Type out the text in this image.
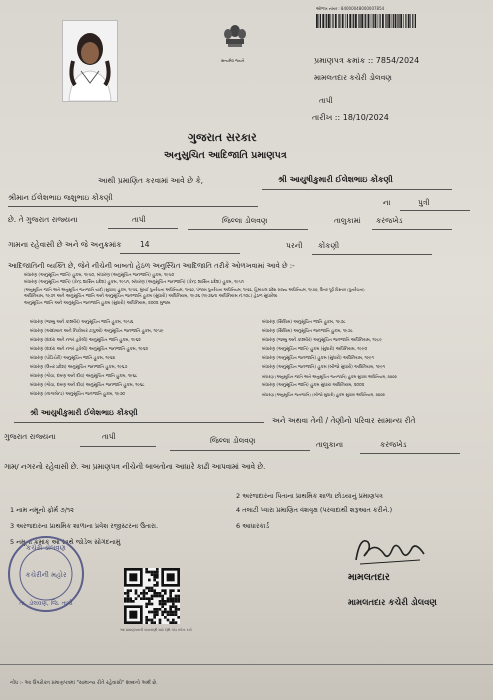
સત્યમેવ જયતે
ઓળખ નંબર : 84000048000007854
પ્રમાણપત્ર ક્રમાંક :: 7854/2024
મામલતદાર કચેરી ડોલવણ
તાપી
તારીખ :: 18/10/2024
ગુજરાત સરકાર
અનુસુચિત આદિજાતિ પ્રમાણપત્ર
આથી પ્રમાણિત કરવામાં આવે છે કે,	શ્રી આયુષીકુમારી ઈલેશભાઇ કોંકણી
શ્રીમાન ઈલેશભાઇ જશુભાઇ કોંકણી
ના	પુત્રી
છે. તે ગુજરાત રાજ્યના	તાપી	જિલ્લા ડોલવણ	તાલુકામાં કરંજખેડ
ગામના રહેવાસી છે અને જે અનુક્રમાંક 14	પરની કોંકણી
આદિજાતિની વ્યક્તિ છે, જેને નીચેની બાબતો હેઠળ અનુસ્ચિત આદિજાતિ તરીકે ઓળખવામાં આવે છે :-
બંધારણ (અનુસૂચિત જાતિ) હુકમ, ૧૯૫૦, બંધારણ (અનુસૂચિત જનજાતિ) હુકમ, ૧૯૫૦
બંધારણ (અનુસૂચિત જાતિ) (કેન્દ્ર શાસિત પ્રદેશ) હુકમ, ૧૯૫૧, બંધારણ (અનુસૂચિત જનજાતિ) (કેન્દ્ર શાસિત પ્રદેશ) હુકમ, ૧૯૫૧
(અનુસૂચિત જાતિ અને અનુસૂચિત જનજાતિ યાદી (સુધારા) હુકમ, ૧૯૫૬, મુંબઈ પુનર્રચના અધિનિયમ, ૧૯૬૦, પંજાબ પુનર્રચના અધિનિયમ, ૧૯૬૬, હિમાચલ પ્રદેશ રાજ્ય અધિનિયમ, ૧૯૭૦, ઉત્તર પૂર્વ વિસ્તાર (પુનર્રચના)
અધિનિયમ, ૧૯૭૧ અને અનુસૂચિત જાતિ અને અનુસૂચિત જનજાતિ હુકમ (સુધારો) અધિનિયમ, ૧૯૭૬ (૧૯૭૬ના અધિનિયમ નં.૧૦૮) હેઠળ સુધારેલા
અનુસૂચિત જાતિ અને અનુસૂચિત જનજાતિ હુકમ (સુધારો) અધિનિયમ, ૨૦૦૨ મુજબ
બંધારણ (જમ્મુ અને કાશ્મીર) અનુસૂચિત જાતિ હુકમ, ૧૯૫૬
બંધારણ (આંદામાન અને નિકોબાર ટાપુઓ) અનુસૂચિત જનજાતિ હુકમ, ૧૯૫૯
બંધારણ (દાદરા અને નગર હવેલી) અનુસૂચિત જાતિ હુકમ, ૧૯૬૨
બંધારણ (દાદરા અને નગર હવેલી) અનુસૂચિત જનજાતિ હુકમ, ૧૯૬૨
બંધારણ (પોંડિચેરી) અનુસૂચિત જાતિ હુકમ, ૧૯૬૪
બંધારણ (ઉત્તર પ્રદેશ) અનુસૂચિત જનજાતિ હુકમ, ૧૯૬૭
બંધારણ (ગોવા, દમણ અને દીવ) અનુસૂચિત જાતિ હુકમ, ૧૯૬૮
બંધારણ (ગોવા, દમણ અને દીવ) અનુસૂચિત જનજાતિ હુકમ, ૧૯૬૮
બંધારણ (નાગાલેન્ડ) અનુસૂચિત જનજાતિ હુકમ, ૧૯૭૦
બંધારણ (સિક્કિમ) અનુસૂચિત જાતિ હુકમ, ૧૯૭૮
બંધારણ (સિક્કિમ) અનુસૂચિત જનજાતિ હુકમ, ૧૯૭૮
બંધારણ (જમ્મુ અને કાશ્મીર) અનુસૂચિત જનજાતિ અધિનિયમ, ૧૯૮૯
બંધારણ (અનુસૂચિત જાતિ) હુકમ (સુધારો) અધિનિયમ, ૧૯૯૦
બંધારણ (અનુસૂચિત જનજાતિ) હુકમ (સુધારો) અધિનિયમ, ૧૯૯૧
બંધારણ (અનુસૂચિત જનજાતિ) હુકમ (બીજો સુધારો) અધિનિયમ, ૧૯૯૧
બંધારણ (અનુસૂચિત જાતિ અને અનુસૂચિત જનજાતિ) હુકમ સુધારા અધિનિયમ, ૨૦૦૨
બંધારણ (અનુસૂચિત જાતિ) હુકમ સુધારા અધિનિયમ, ૨૦૦૨
બંધારણ (અનુસૂચિત જનજાતિ) (બીજો સુધારો) હુકમ સુધારા અધિનિયમ, ૨૦૦૨
શ્રી આયુષીકુમારી ઈલેશભાઇ કોંકણી
અને અથવા તેની / તેણીનો પરિવાર સામાન્ય રીતે
ગુજરાત રાજ્યના	તાપી	જિલ્લા ડોલવણ	તાલુકાના	કરંજખેડ
ગામ/ નગરનો રહેવાસી છે. આ પ્રમાણપત્ર નીચેની બાબતોના આધારે કાઢી આપવામાં આવે છે.
1 નામ નમૂનો ફોર્મ ૭/૧૨
2 અરજદારના પિતાના પ્રાથમિક શાળા છોડયાનું પ્રમાણપત્ર
3 અરજદારના પ્રાથમિક શાળાના પ્રવેશ રજીસ્ટરના ઉતારા.
4 તલાટી પ્વારા પ્રમાણિત વંશવૃક્ષ (પરવાદાથી શરૂઆત કરીને.)
5 નમૂના ક્રમાંક આ સાથે જોડેલ સોગંદનામું
6 આધારકાર્ડ
કચેરી ડોલવણ
કચેરીની મહોર
તા. ડોલવણ, જિ. તાપી
આ પ્રમાણપત્રની ચકાસણી માટે QR કોડ સ્કેન કરો
મામલતદાર
મામલતદાર કચેરી ડોલવણ
નોંધ :- આ ઉપરોક્ત પ્રમાણપત્રમાં "સામાન્ય રીતે રહેવાસી" શબ્દનો અર્થ છે.
